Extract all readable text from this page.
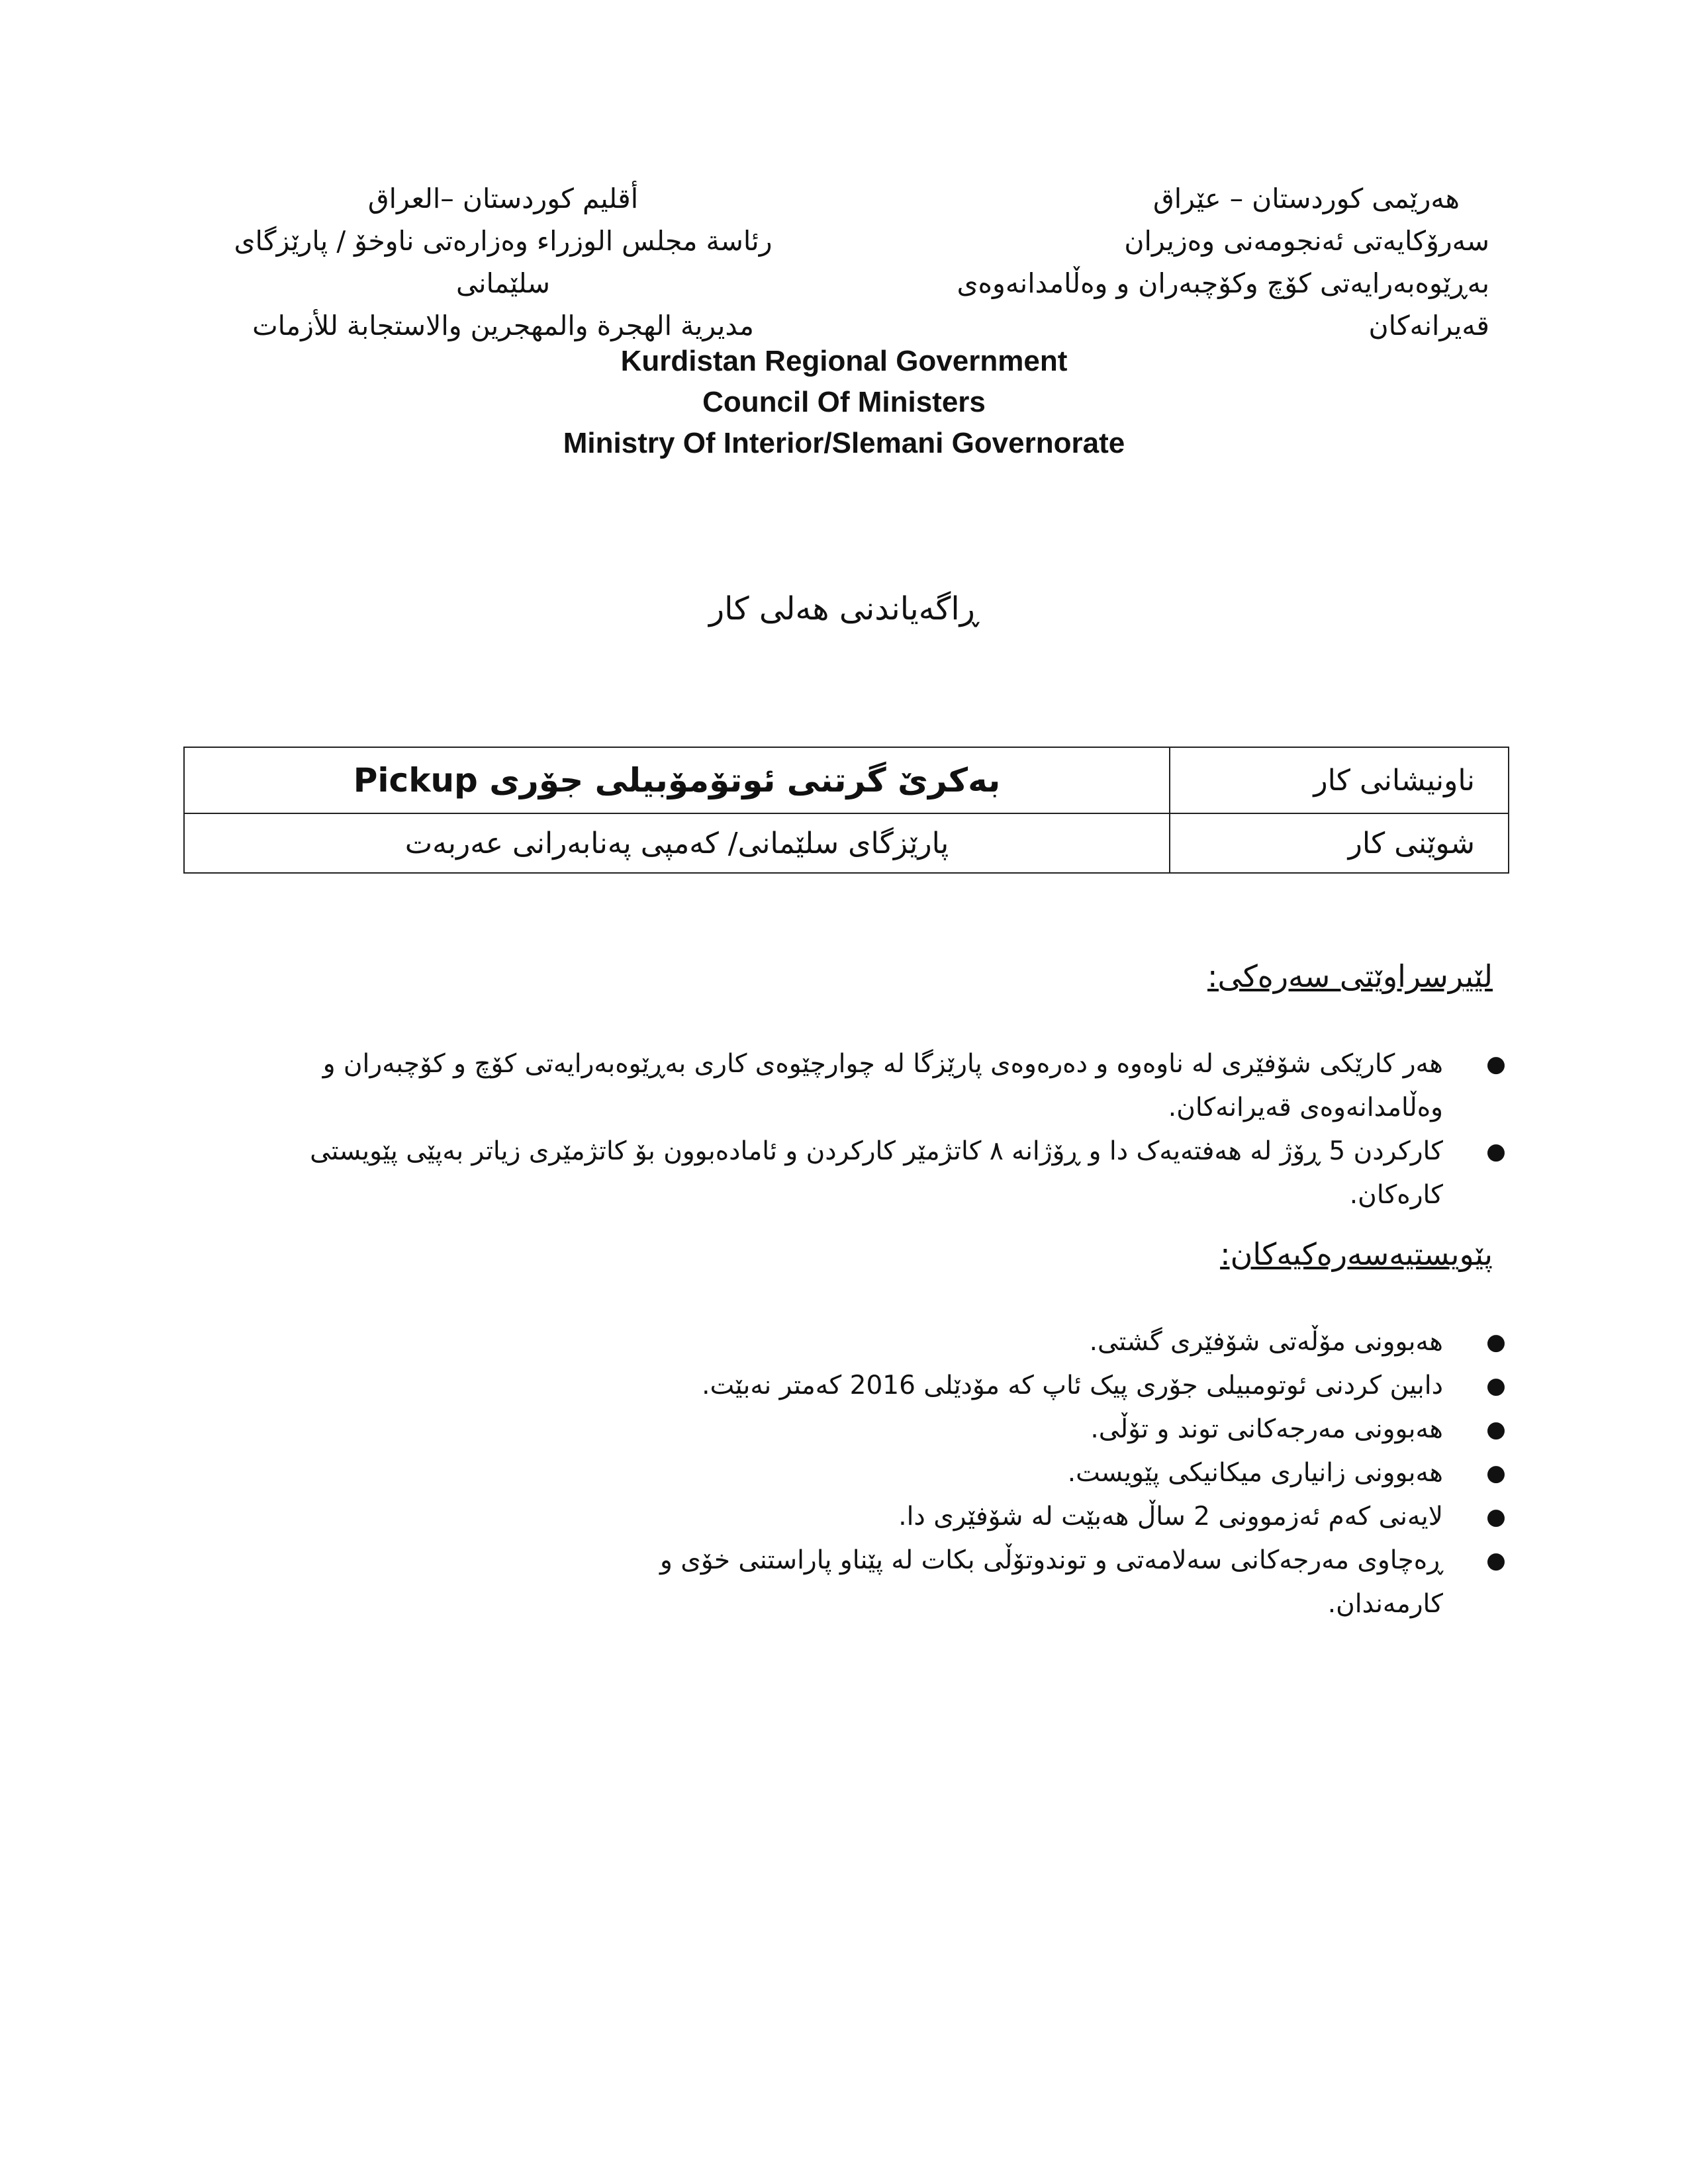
هەرێمی کوردستان – عێراق
سەرۆکایەتی ئەنجومەنی وەزیران
بەڕێوەبەرایەتی کۆچ وکۆچبەران و وەڵامدانەوەی قەیرانەکان
أقليم كوردستان –العراق
رئاسة مجلس الوزراء وەزارەتی ناوخۆ / پارێزگای سلێمانی
مديرية الهجرة والمهجرين والاستجابة للأزمات
Kurdistan Regional Government
Council Of Ministers
Ministry Of Interior/Slemani Governorate
ڕاگەیاندنی هەلی کار
ناونیشانی کار	بەکرێ گرتنی ئوتۆمۆبیلی جۆری Pickup
شوێنی کار	پارێزگای سلێمانی/ کەمپی پەنابەرانی عەربەت
لێیرسراوێتی سەرەکی:
●
هەر کارێکی شۆفێری لە ناوەوە و دەرەوەی پارێزگا لە چوارچێوەی کاری بەڕێوەبەرایەتی کۆچ و کۆچبەران و وەڵامدانەوەی قەیرانەکان.
●
کارکردن 5 ڕۆژ لە هەفتەیەک دا و ڕۆژانە ٨ کاتژمێر کارکردن و ئامادەبوون بۆ کاتژمێری زیاتر بەپێی پێویستی کارەکان.
پێویستیەسەرەکیەکان:
●
هەبوونی مۆڵەتی شۆفێری گشتی.
●
دابین کردنی ئوتومبیلی جۆری پیک ئاپ کە مۆدێلی 2016 کەمتر نەبێت.
●
هەبوونی مەرجەکانی توند و تۆڵی.
●
هەبوونی زانیاری میکانیکی پێویست.
●
لایەنی کەم ئەزموونی 2 ساڵ هەبێت لە شۆفێری دا.
●
ڕەچاوی مەرجەکانی سەلامەتی و توندوتۆڵی بکات لە پێناو پاراستنی خۆی و کارمەندان.
